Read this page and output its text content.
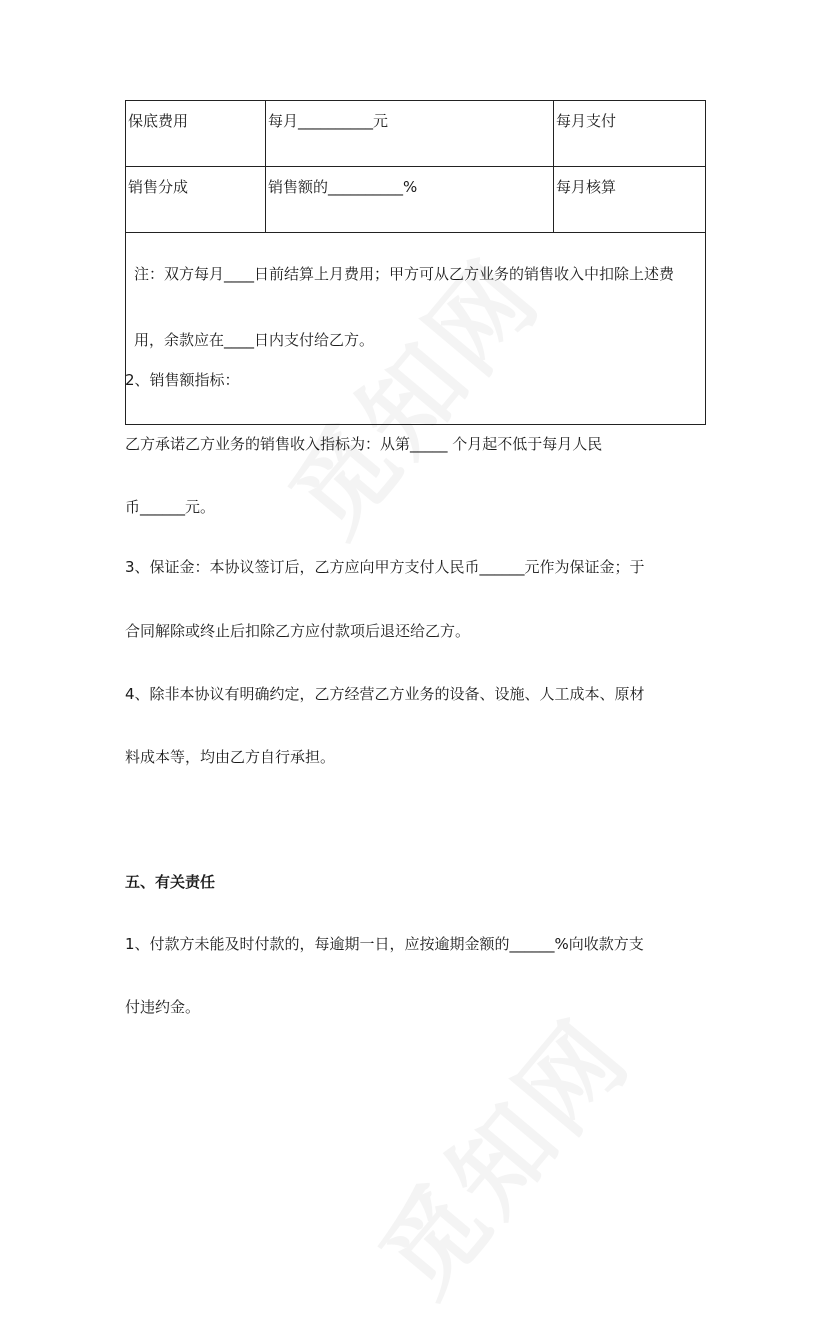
保底费用	每月__________元	每月支付
销售分成	销售额的__________%	每月核算
注：双方每月____日前结算上月费用；甲方可从乙方业务的销售收入中扣除上述费用，余款应在____日内支付给乙方。		
2、销售额指标：
乙方承诺乙方业务的销售收入指标为：从第_____ 个月起不低于每月人民
币______元。
3、保证金：本协议签订后，乙方应向甲方支付人民币______元作为保证金；于
合同解除或终止后扣除乙方应付款项后退还给乙方。
4、除非本协议有明确约定，乙方经营乙方业务的设备、设施、人工成本、原材
料成本等，均由乙方自行承担。
五、有关责任
1、付款方未能及时付款的，每逾期一日，应按逾期金额的______%向收款方支
付违约金。
